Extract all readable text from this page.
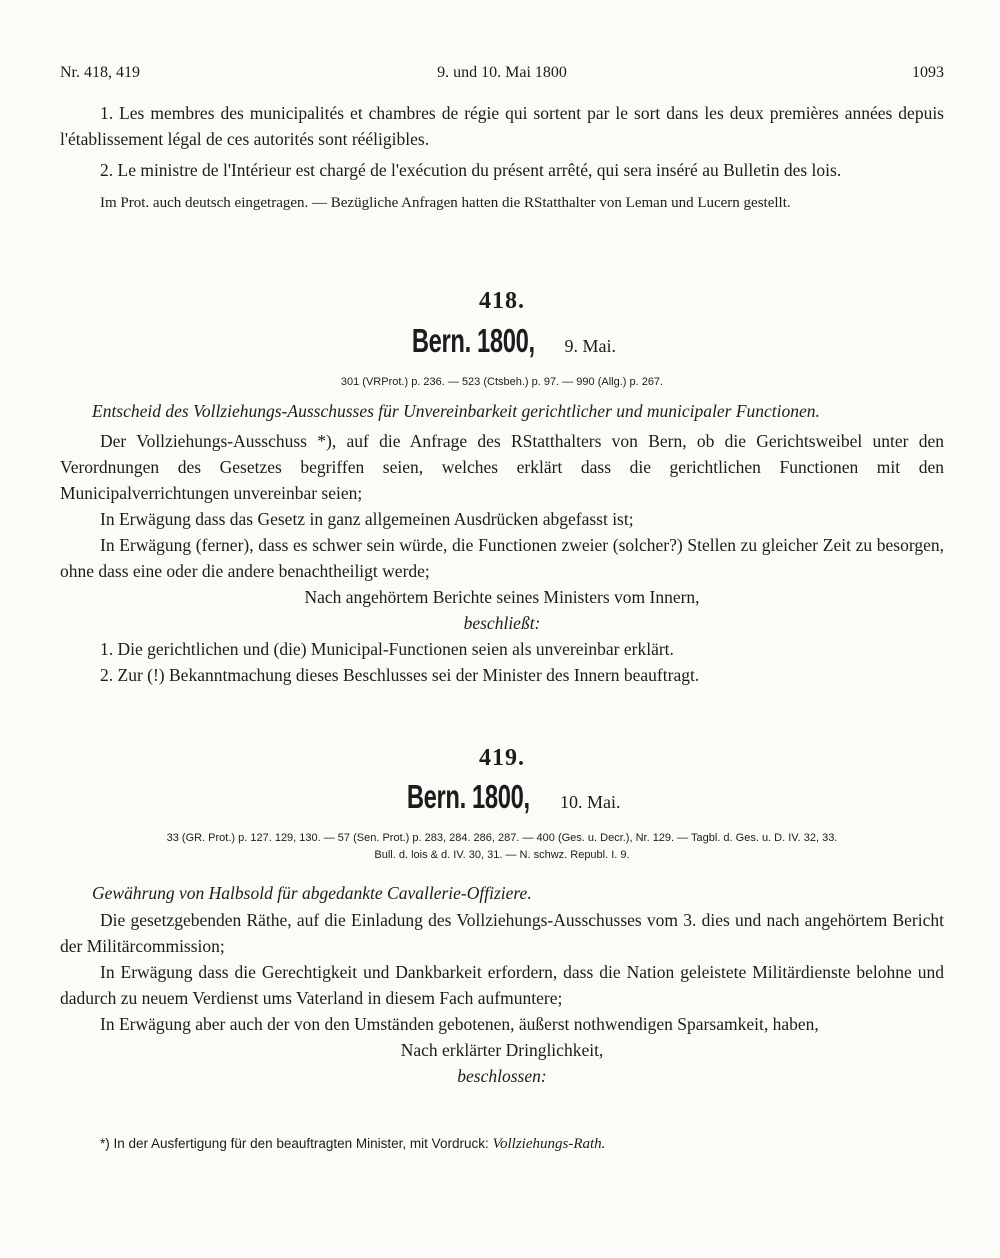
Nr. 418, 419	9. und 10. Mai 1800	1093

1. Les membres des municipalités et chambres de régie qui sortent par le sort dans les deux premières années depuis l'établissement légal de ces autorités sont rééligibles.

2. Le ministre de l'Intérieur est chargé de l'exécution du présent arrêté, qui sera inséré au Bulletin des lois.

Im Prot. auch deutsch eingetragen. — Bezügliche Anfragen hatten die RStatthalter von Leman und Lucern gestellt.

418.
Bern. 1800, 9. Mai.
301 (VRProt.) p. 236. — 523 (Ctsbeh.) p. 97. — 990 (Allg.) p. 267.
Entscheid des Vollziehungs-Ausschusses für Unvereinbarkeit gerichtlicher und municipaler Functionen.

Der Vollziehungs-Ausschuss *), auf die Anfrage des RStatthalters von Bern, ob die Gerichtsweibel unter den Verordnungen des Gesetzes begriffen seien, welches erklärt dass die gerichtlichen Functionen mit den Municipalverrichtungen unvereinbar seien;

In Erwägung dass das Gesetz in ganz allgemeinen Ausdrücken abgefasst ist;

In Erwägung (ferner), dass es schwer sein würde, die Functionen zweier (solcher?) Stellen zu gleicher Zeit zu besorgen, ohne dass eine oder die andere benachtheiligt werde;

Nach angehörtem Berichte seines Ministers vom Innern,

beschließt:

1. Die gerichtlichen und (die) Municipal-Functionen seien als unvereinbar erklärt.

2. Zur (!) Bekanntmachung dieses Beschlusses sei der Minister des Innern beauftragt.

419.
Bern. 1800, 10. Mai.
33 (GR. Prot.) p. 127. 129, 130. — 57 (Sen. Prot.) p. 283, 284. 286, 287. — 400 (Ges. u. Decr.), Nr. 129. — Tagbl. d. Ges. u. D. IV. 32, 33.
Bull. d. lois & d. IV. 30, 31. — N. schwz. Republ. I. 9.
Gewährung von Halbsold für abgedankte Cavallerie-Offiziere.

Die gesetzgebenden Räthe, auf die Einladung des Vollziehungs-Ausschusses vom 3. dies und nach angehörtem Bericht der Militärcommission;

In Erwägung dass die Gerechtigkeit und Dankbarkeit erfordern, dass die Nation geleistete Militärdienste belohne und dadurch zu neuem Verdienst ums Vaterland in diesem Fach aufmuntere;

In Erwägung aber auch der von den Umständen gebotenen, äußerst nothwendigen Sparsamkeit, haben,

Nach erklärter Dringlichkeit,

beschlossen:

*) In der Ausfertigung für den beauftragten Minister, mit Vordruck: Vollziehungs-Rath.
